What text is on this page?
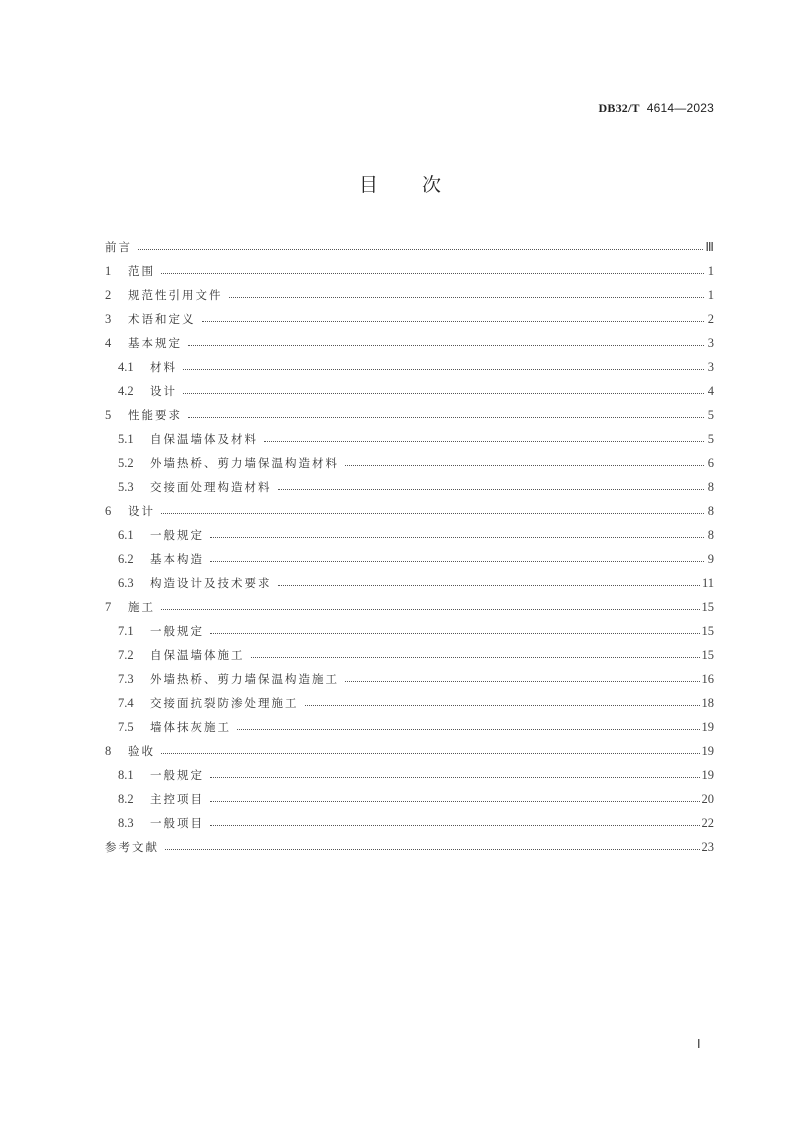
DB32/T 4614—2023
目 次
前言	Ⅲ
1	范围	1
2	规范性引用文件	1
3	术语和定义	2
4	基本规定	3
4.1	材料	3
4.2	设计	4
5	性能要求	5
5.1	自保温墙体及材料	5
5.2	外墙热桥、剪力墙保温构造材料	6
5.3	交接面处理构造材料	8
6	设计	8
6.1	一般规定	8
6.2	基本构造	9
6.3	构造设计及技术要求	11
7	施工	15
7.1	一般规定	15
7.2	自保温墙体施工	15
7.3	外墙热桥、剪力墙保温构造施工	16
7.4	交接面抗裂防渗处理施工	18
7.5	墙体抹灰施工	19
8	验收	19
8.1	一般规定	19
8.2	主控项目	20
8.3	一般项目	22
参考文献	23
Ⅰ
